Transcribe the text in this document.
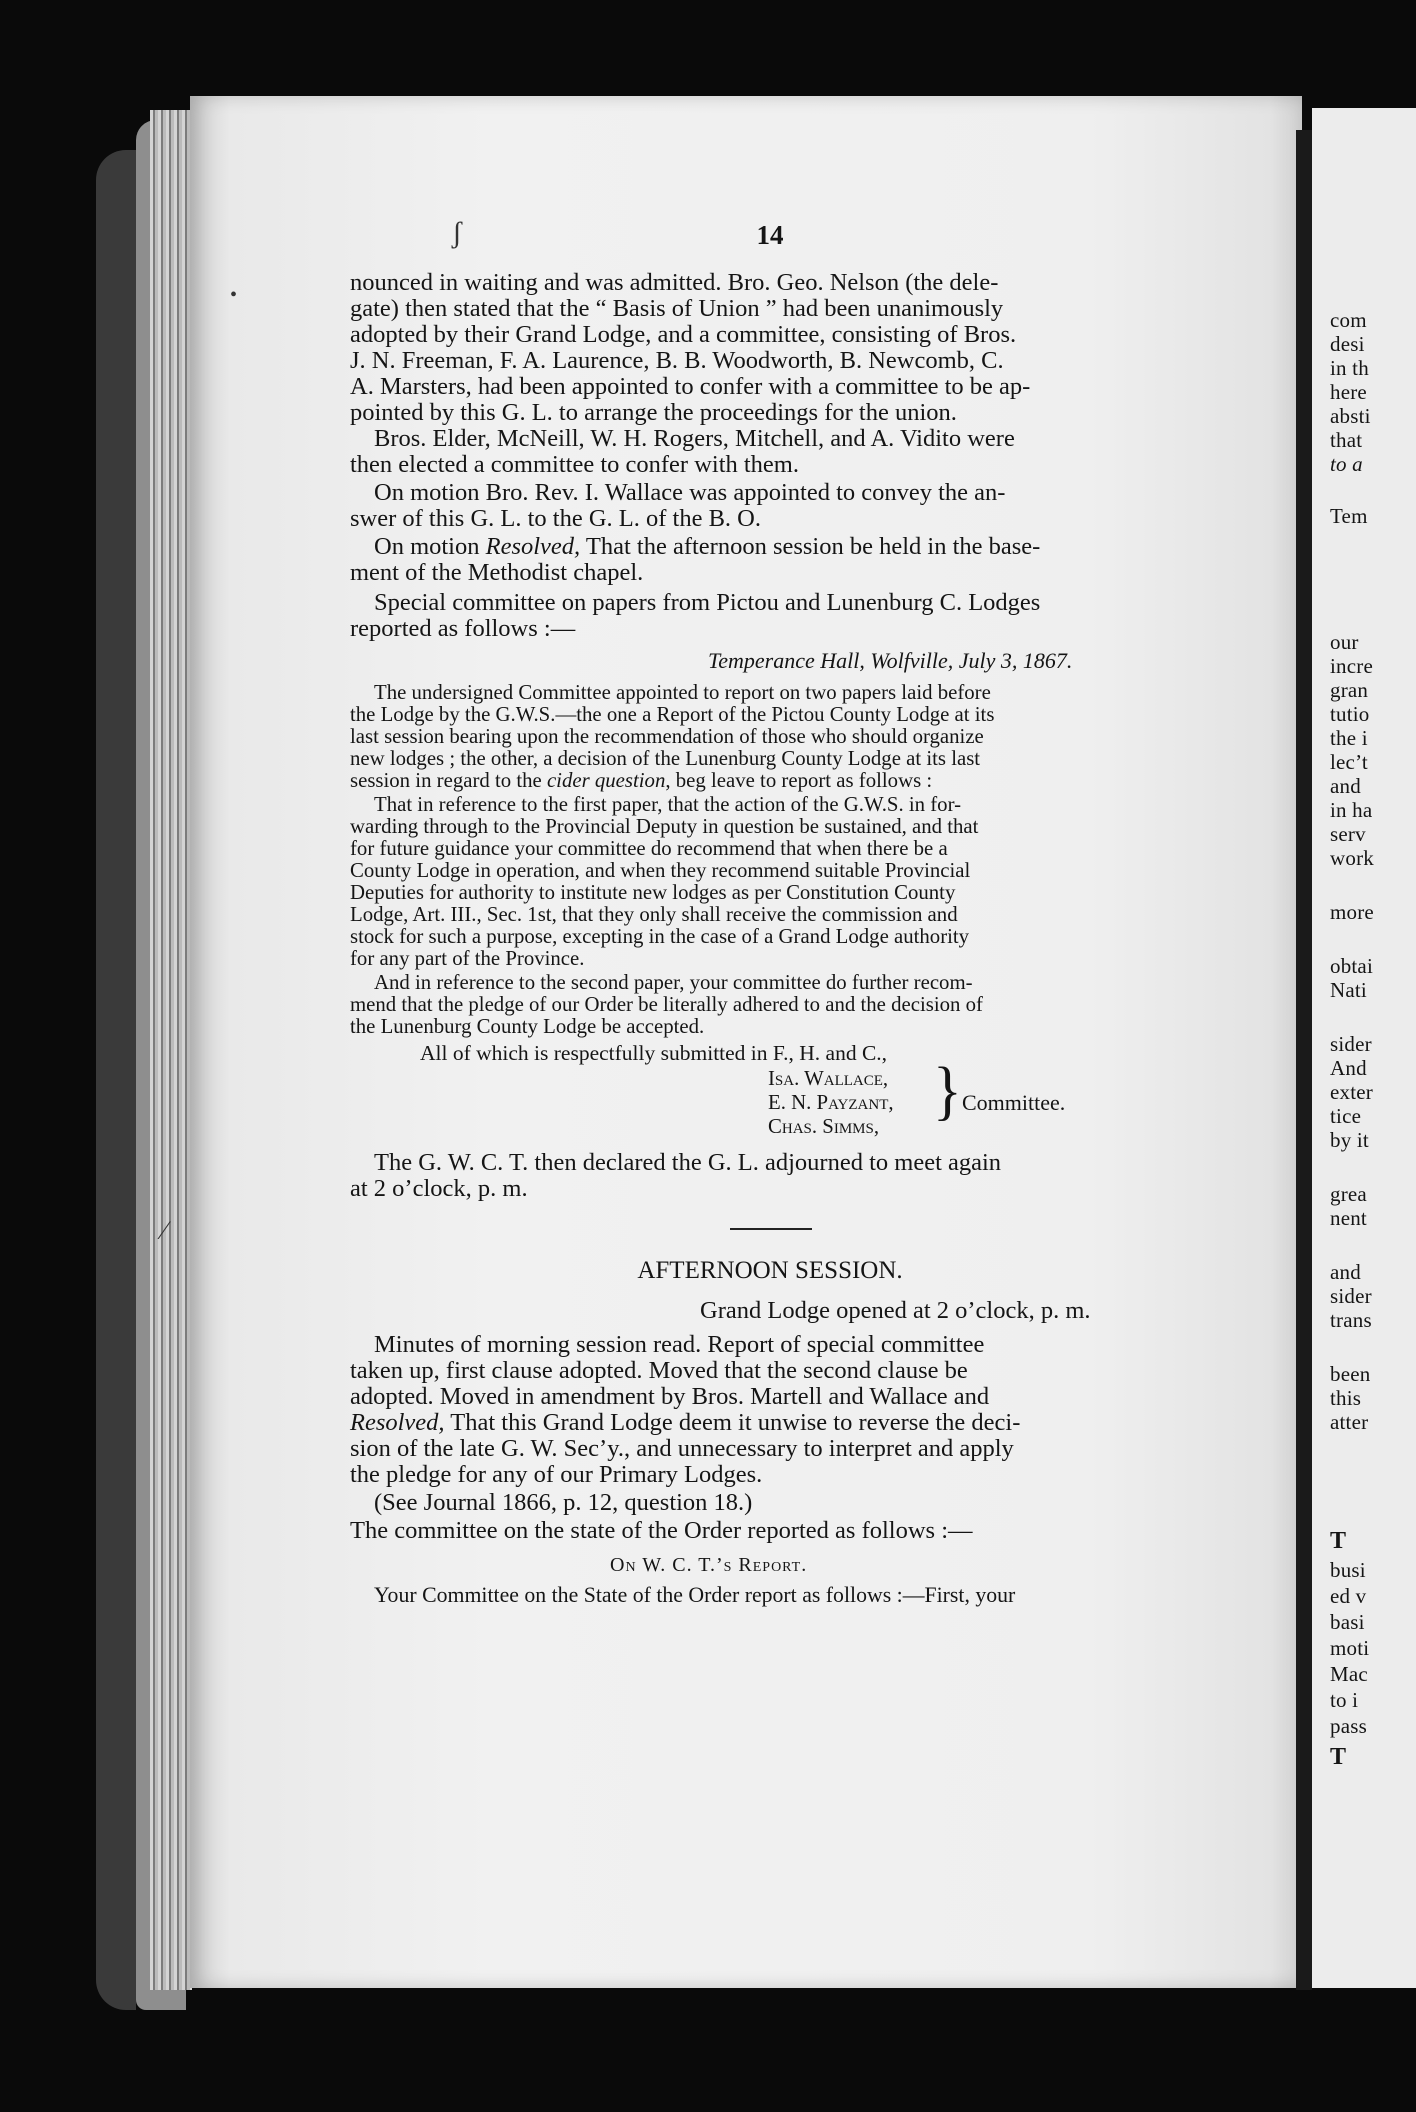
14
nounced in waiting and was admitted. Bro. Geo. Nelson (the dele-
gate) then stated that the “ Basis of Union ” had been unanimously
adopted by their Grand Lodge, and a committee, consisting of Bros.
J. N. Freeman, F. A. Laurence, B. B. Woodworth, B. Newcomb, C.
A. Marsters, had been appointed to confer with a committee to be ap-
pointed by this G. L. to arrange the proceedings for the union.
Bros. Elder, McNeill, W. H. Rogers, Mitchell, and A. Vidito were
then elected a committee to confer with them.
On motion Bro. Rev. I. Wallace was appointed to convey the an-
swer of this G. L. to the G. L. of the B. O.
On motion Resolved, That the afternoon session be held in the base-
ment of the Methodist chapel.
Special committee on papers from Pictou and Lunenburg C. Lodges
reported as follows :—
Temperance Hall, Wolfville, July 3, 1867.
The undersigned Committee appointed to report on two papers laid before
the Lodge by the G.W.S.—the one a Report of the Pictou County Lodge at its
last session bearing upon the recommendation of those who should organize
new lodges ; the other, a decision of the Lunenburg County Lodge at its last
session in regard to the cider question, beg leave to report as follows :
That in reference to the first paper, that the action of the G.W.S. in for-
warding through to the Provincial Deputy in question be sustained, and that
for future guidance your committee do recommend that when there be a
County Lodge in operation, and when they recommend suitable Provincial
Deputies for authority to institute new lodges as per Constitution County
Lodge, Art. III., Sec. 1st, that they only shall receive the commission and
stock for such a purpose, excepting in the case of a Grand Lodge authority
for any part of the Province.
And in reference to the second paper, your committee do further recom-
mend that the pledge of our Order be literally adhered to and the decision of
the Lunenburg County Lodge be accepted.
All of which is respectfully submitted in F., H. and C.,
Isa. Wallace,
E. N. Payzant,
Chas. Simms,
} Committee.
The G. W. C. T. then declared the G. L. adjourned to meet again
at 2 o’clock, p. m.
AFTERNOON SESSION.
Grand Lodge opened at 2 o’clock, p. m.
Minutes of morning session read. Report of special committee
taken up, first clause adopted. Moved that the second clause be
adopted. Moved in amendment by Bros. Martell and Wallace and
Resolved, That this Grand Lodge deem it unwise to reverse the deci-
sion of the late G. W. Sec’y., and unnecessary to interpret and apply
the pledge for any of our Primary Lodges.
(See Journal 1866, p. 12, question 18.)
The committee on the state of the Order reported as follows :—
On W. C. T.’s Report.
Your Committee on the State of the Order report as follows :—First, your
ʃ
⁄
•
com
desi
in th
here
absti
that
to a
Tem
our
incre
gran
tutio
the i
lec’t
and
in ha
serv
work
more
obtai
Nati
sider
And
exter
tice
by it
grea
nent
and
sider
trans
been
this
atter
T
busi
ed v
basi
moti
Mac
to i
pass
T
